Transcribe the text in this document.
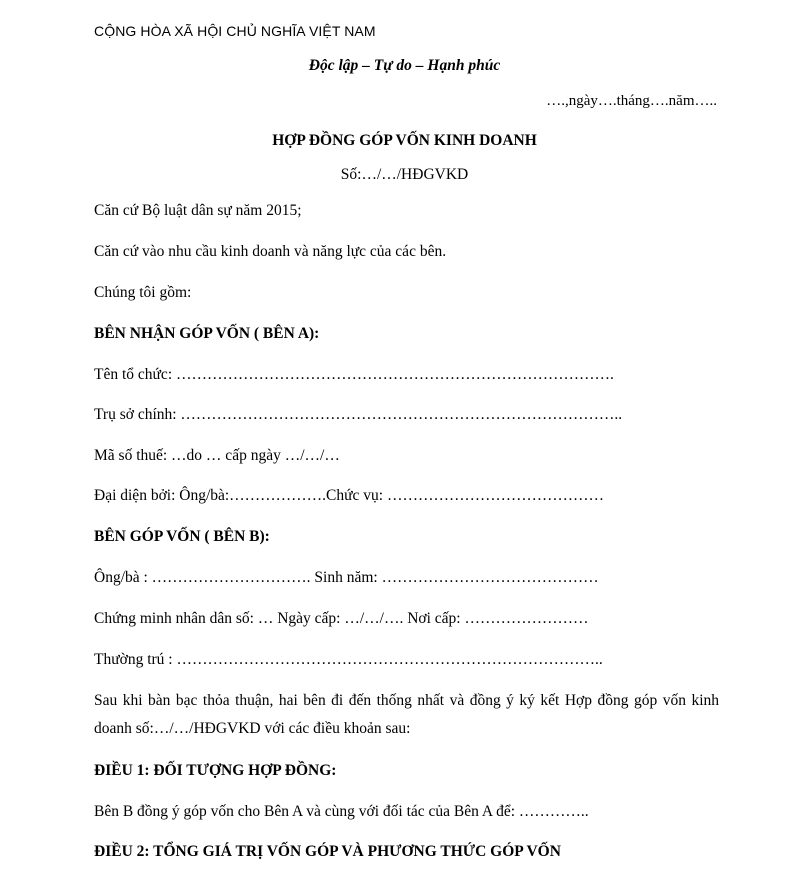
CỘNG HÒA XÃ HỘI CHỦ NGHĨA VIỆT NAM
Độc lập – Tự do – Hạnh phúc
….,ngày….tháng….năm…..
HỢP ĐỒNG GÓP VỐN KINH DOANH
Số:…/…/HĐGVKD
Căn cứ Bộ luật dân sự năm 2015;
Căn cứ vào nhu cầu kinh doanh và năng lực của các bên.
Chúng tôi gồm:
BÊN NHẬN GÓP VỐN ( BÊN A):
Tên tổ chức: ………………………………………………………………………….
Trụ sở chính: …………………………………………………………………………..
Mã số thuế: …do … cấp ngày …/…/…
Đại diện bởi: Ông/bà:……………….Chức vụ: ……………………………………
BÊN GÓP VỐN ( BÊN B):
Ông/bà : …………………………. Sinh năm: ……………………………………
Chứng minh nhân dân số: … Ngày cấp: …/…/…. Nơi cấp: ……………………
Thường trú : ………………………………………………………………………..
Sau khi bàn bạc thỏa thuận, hai bên đi đến thống nhất và đồng ý ký kết Hợp đồng góp vốn kinh doanh số:…/…/HĐGVKD với các điều khoản sau:
ĐIỀU 1: ĐỐI TƯỢNG HỢP ĐỒNG:
Bên B đồng ý góp vốn cho Bên A và cùng với đối tác của Bên A để: …………..
ĐIỀU 2: TỔNG GIÁ TRỊ VỐN GÓP VÀ PHƯƠNG THỨC GÓP VỐN
